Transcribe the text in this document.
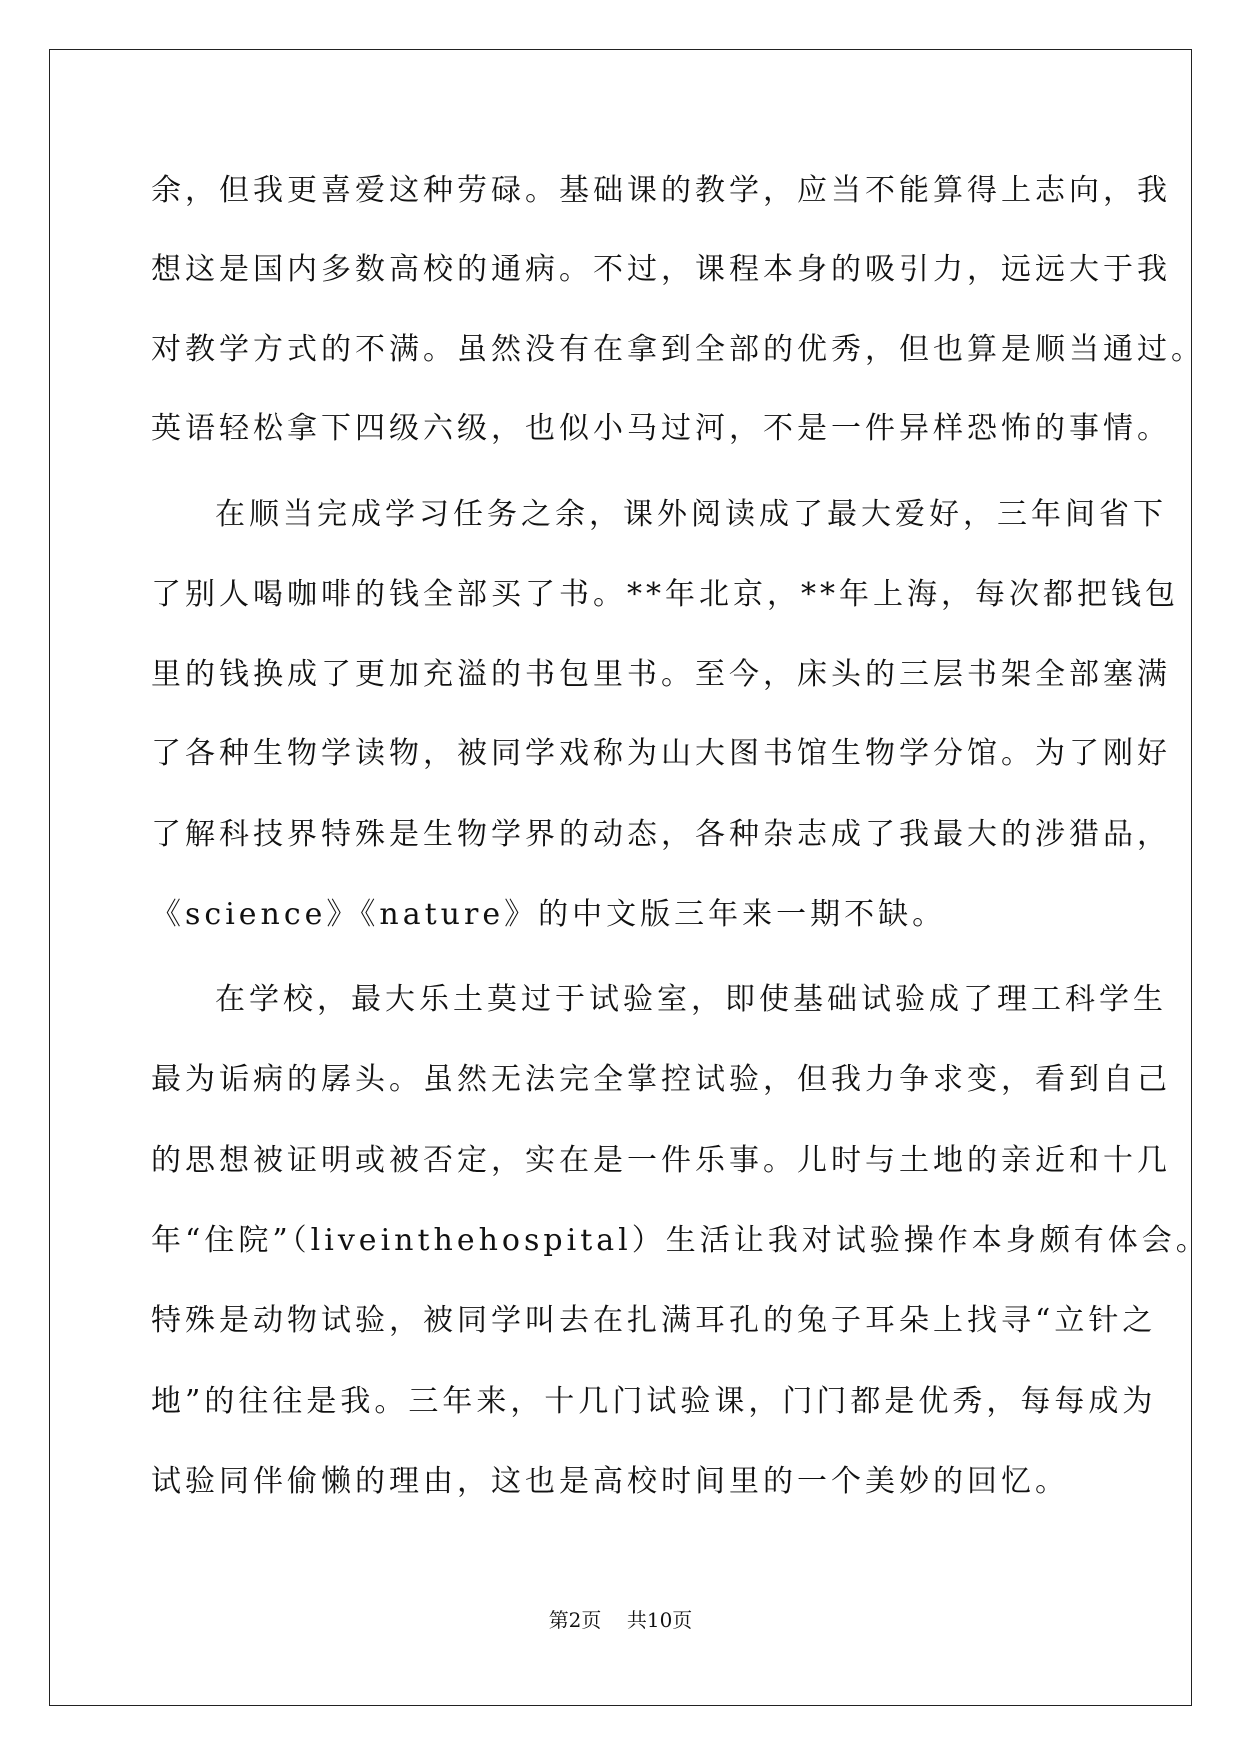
余，但我更喜爱这种劳碌。基础课的教学，应当不能算得上志向，我
想这是国内多数高校的通病。不过，课程本身的吸引力，远远大于我
对教学方式的不满。虽然没有在拿到全部的优秀，但也算是顺当通过。
英语轻松拿下四级六级，也似小马过河，不是一件异样恐怖的事情。
在顺当完成学习任务之余，课外阅读成了最大爱好，三年间省下
了别人喝咖啡的钱全部买了书。**年北京，**年上海，每次都把钱包
里的钱换成了更加充溢的书包里书。至今，床头的三层书架全部塞满
了各种生物学读物，被同学戏称为山大图书馆生物学分馆。为了刚好
了解科技界特殊是生物学界的动态，各种杂志成了我最大的涉猎品，
《science》《nature》的中文版三年来一期不缺。
在学校，最大乐土莫过于试验室，即使基础试验成了理工科学生
最为诟病的孱头。虽然无法完全掌控试验，但我力争求变，看到自己
的思想被证明或被否定，实在是一件乐事。儿时与土地的亲近和十几
年“住院”（liveinthehospital）生活让我对试验操作本身颇有体会。
特殊是动物试验，被同学叫去在扎满耳孔的兔子耳朵上找寻“立针之
地”的往往是我。三年来，十几门试验课，门门都是优秀，每每成为
试验同伴偷懒的理由，这也是高校时间里的一个美妙的回忆。
第2页    共10页
